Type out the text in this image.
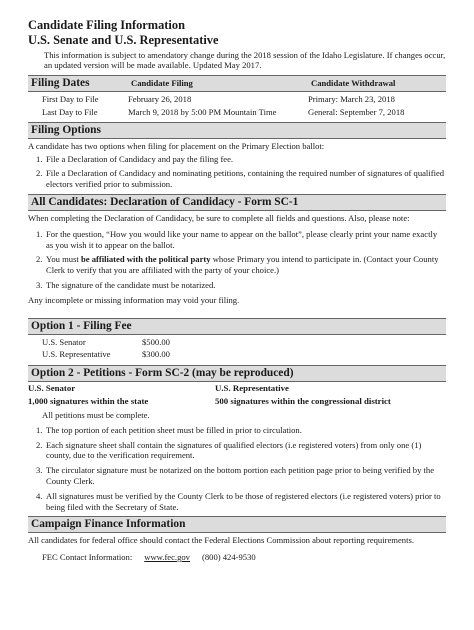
Candidate Filing Information
U.S. Senate and U.S. Representative
This information is subject to amendatory change during the 2018 session of the Idaho Legislature. If changes occur, an updated version will be made available. Updated May 2017.
Filing Dates	Candidate Filing	Candidate Withdrawal
First Day to File	February 26, 2018	Primary: March 23, 2018
Last Day to File	March 9, 2018 by 5:00 PM Mountain Time	General: September 7, 2018
Filing Options
A candidate has two options when filing for placement on the Primary Election ballot:
1. File a Declaration of Candidacy and pay the filing fee.
2. File a Declaration of Candidacy and nominating petitions, containing the required number of signatures of qualified electors verified prior to submission.
All Candidates: Declaration of Candidacy - Form SC-1
When completing the Declaration of Candidacy, be sure to complete all fields and questions. Also, please note:
1. For the question, “How you would like your name to appear on the ballot”, please clearly print your name exactly as you wish it to appear on the ballot.
2. You must be affiliated with the political party whose Primary you intend to participate in. (Contact your County Clerk to verify that you are affiliated with the party of your choice.)
3. The signature of the candidate must be notarized.
Any incomplete or missing information may void your filing.
Option 1 - Filing Fee
U.S. Senator	$500.00
U.S. Representative	$300.00
Option 2 - Petitions - Form SC-2 (may be reproduced)
U.S. Senator	U.S. Representative
1,000 signatures within the state	500 signatures within the congressional district
All petitions must be complete.
1. The top portion of each petition sheet must be filled in prior to circulation.
2. Each signature sheet shall contain the signatures of qualified electors (i.e registered voters) from only one (1) county, due to the verification requirement.
3. The circulator signature must be notarized on the bottom portion each petition page prior to being verified by the County Clerk.
4. All signatures must be verified by the County Clerk to be those of registered electors (i.e registered voters) prior to being filed with the Secretary of State.
Campaign Finance Information
All candidates for federal office should contact the Federal Elections Commission about reporting requirements.
FEC Contact Information: www.fec.gov (800) 424-9530
